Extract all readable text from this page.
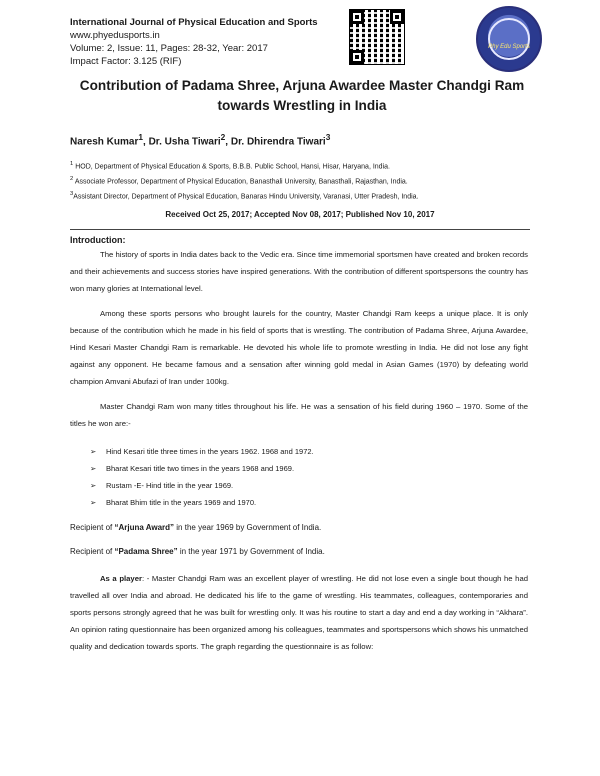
International Journal of Physical Education and Sports
www.phyedusports.in
Volume: 2, Issue: 11, Pages: 28-32, Year: 2017
Impact Factor: 3.125 (RIF)
Phy Edu Sports
Contribution of Padama Shree, Arjuna Awardee Master Chandgi Ram
towards Wrestling in India
Naresh Kumar$^1$, Dr. Usha Tiwari$^2$, Dr. Dhirendra Tiwari$^3$
$^1$ HOD, Department of Physical Education & Sports, B.B.B. Public School, Hansi, Hisar, Haryana, India.
$^2$ Associate Professor, Department of Physical Education, Banasthali University, Banasthali, Rajasthan, India.
$^3$Assistant Director, Department of Physical Education, Banaras Hindu University, Varanasi, Utter Pradesh, India.
Received Oct 25, 2017; Accepted Nov 08, 2017; Published Nov 10, 2017
Introduction:
The history of sports in India dates back to the Vedic era. Since time immemorial sportsmen have created and broken records and their achievements and success stories have inspired generations. With the contribution of different sportspersons the country has won many glories at International level.
Among these sports persons who brought laurels for the country, Master Chandgi Ram keeps a unique place. It is only because of the contribution which he made in his field of sports that is wrestling. The contribution of Padama Shree, Arjuna Awardee, Hind Kesari Master Chandgi Ram is remarkable. He devoted his whole life to promote wrestling in India. He did not lose any fight against any opponent. He became famous and a sensation after winning gold medal in Asian Games (1970) by defeating world champion Amvani Abufazi of Iran under 100kg.
Master Chandgi Ram won many titles throughout his life. He was a sensation of his field during 1960 – 1970. Some of the titles he won are:-
➢ Hind Kesari title three times in the years 1962. 1968 and 1972.
➢ Bharat Kesari title two times in the years 1968 and 1969.
➢ Rustam -E- Hind title in the year 1969.
➢ Bharat Bhim title in the years 1969 and 1970.
Recipient of “Arjuna Award” in the year 1969 by Government of India.
Recipient of “Padama Shree” in the year 1971 by Government of India.
As a player: - Master Chandgi Ram was an excellent player of wrestling. He did not lose even a single bout though he had travelled all over India and abroad. He dedicated his life to the game of wrestling. His teammates, colleagues, contemporaries and sports persons strongly agreed that he was built for wrestling only. It was his routine to start a day and end a day working in “Akhara”. An opinion rating questionnaire has been organized among his colleagues, teammates and sportspersons which shows his unmatched quality and dedication towards sports. The graph regarding the questionnaire is as follow:
